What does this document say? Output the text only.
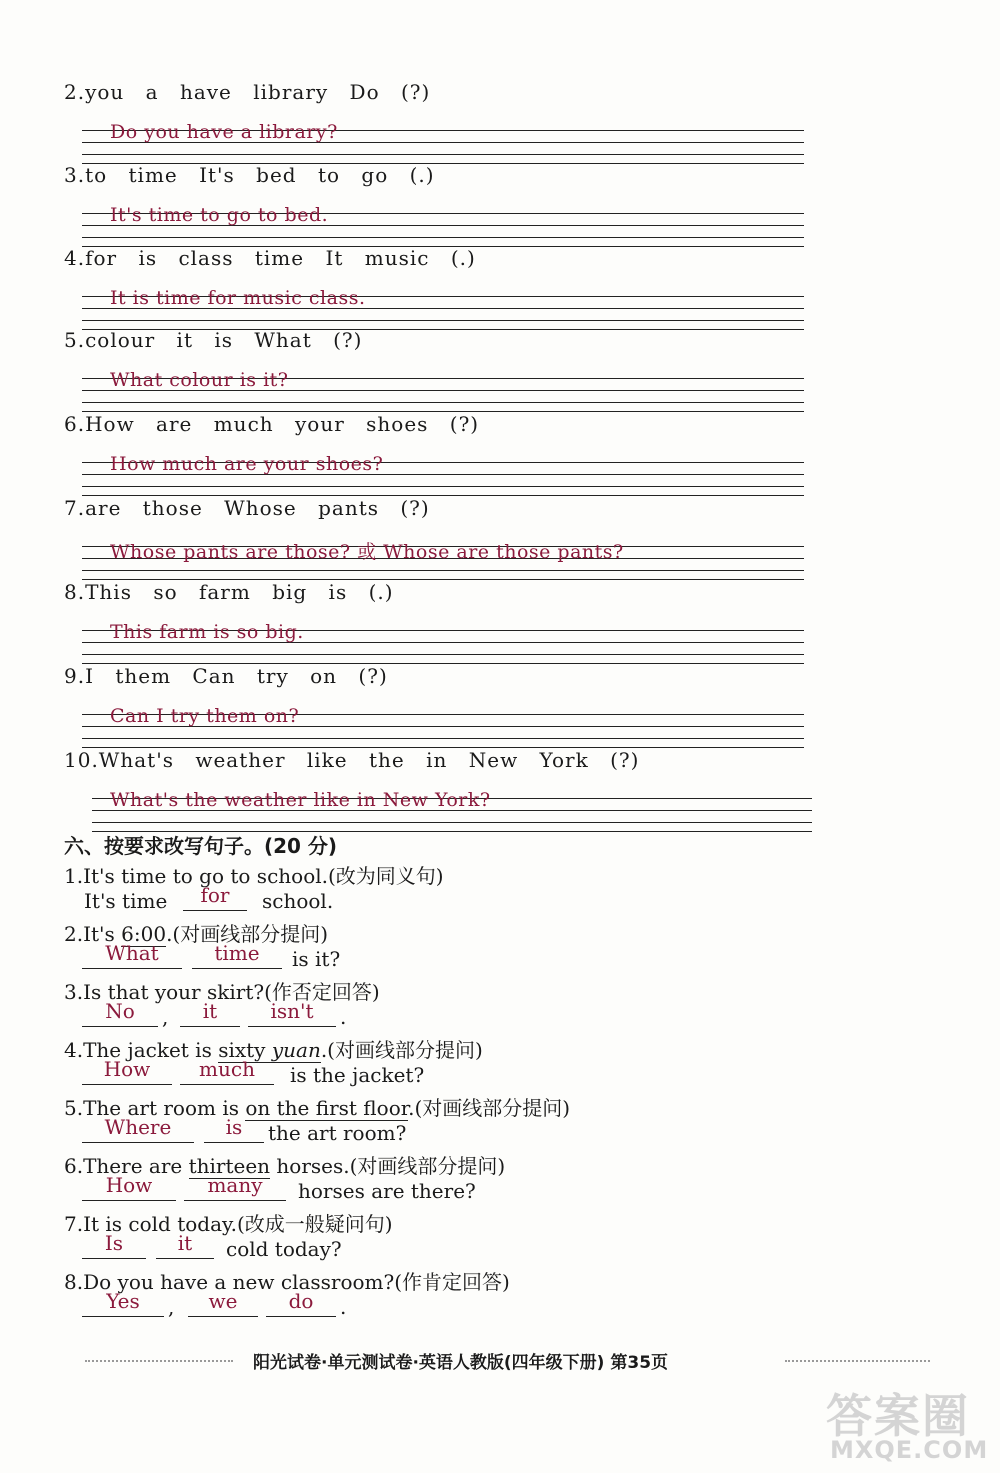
2.you a have library Do (?)
Do you have a library?
3.to time It's bed to go (.)
It's time to go to bed.
4.for is class time It music (.)
It is time for music class.
5.colour it is What (?)
What colour is it?
6.How are much your shoes (?)
How much are your shoes?
7.are those Whose pants (?)
Whose pants are those? 或 Whose are those pants?
8.This so farm big is (.)
This farm is so big.
9.I them Can try on (?)
Can I try them on?
10.What's weather like the in New York (?)
What's the weather like in New York?
六、按要求改写句子。(20 分)
1.It's time to go to school.(改为同义句)
It's time	for	school.
2.It's 6:00.(对画线部分提问)
What	time	is it?
3.Is that your skirt?(作否定回答)
No	,	it	isn't	.
4.The jacket is sixty yuan.(对画线部分提问)
How	much	is the jacket?
5.The art room is on the first floor.(对画线部分提问)
Where	is	the art room?
6.There are thirteen horses.(对画线部分提问)
How	many	horses are there?
7.It is cold today.(改成一般疑问句)
Is	it	cold today?
8.Do you have a new classroom?(作肯定回答)
Yes	,	we	do	.
阳光试卷·单元测试卷·英语人教版(四年级下册) 第35页
答案圈
MXQE.COM
